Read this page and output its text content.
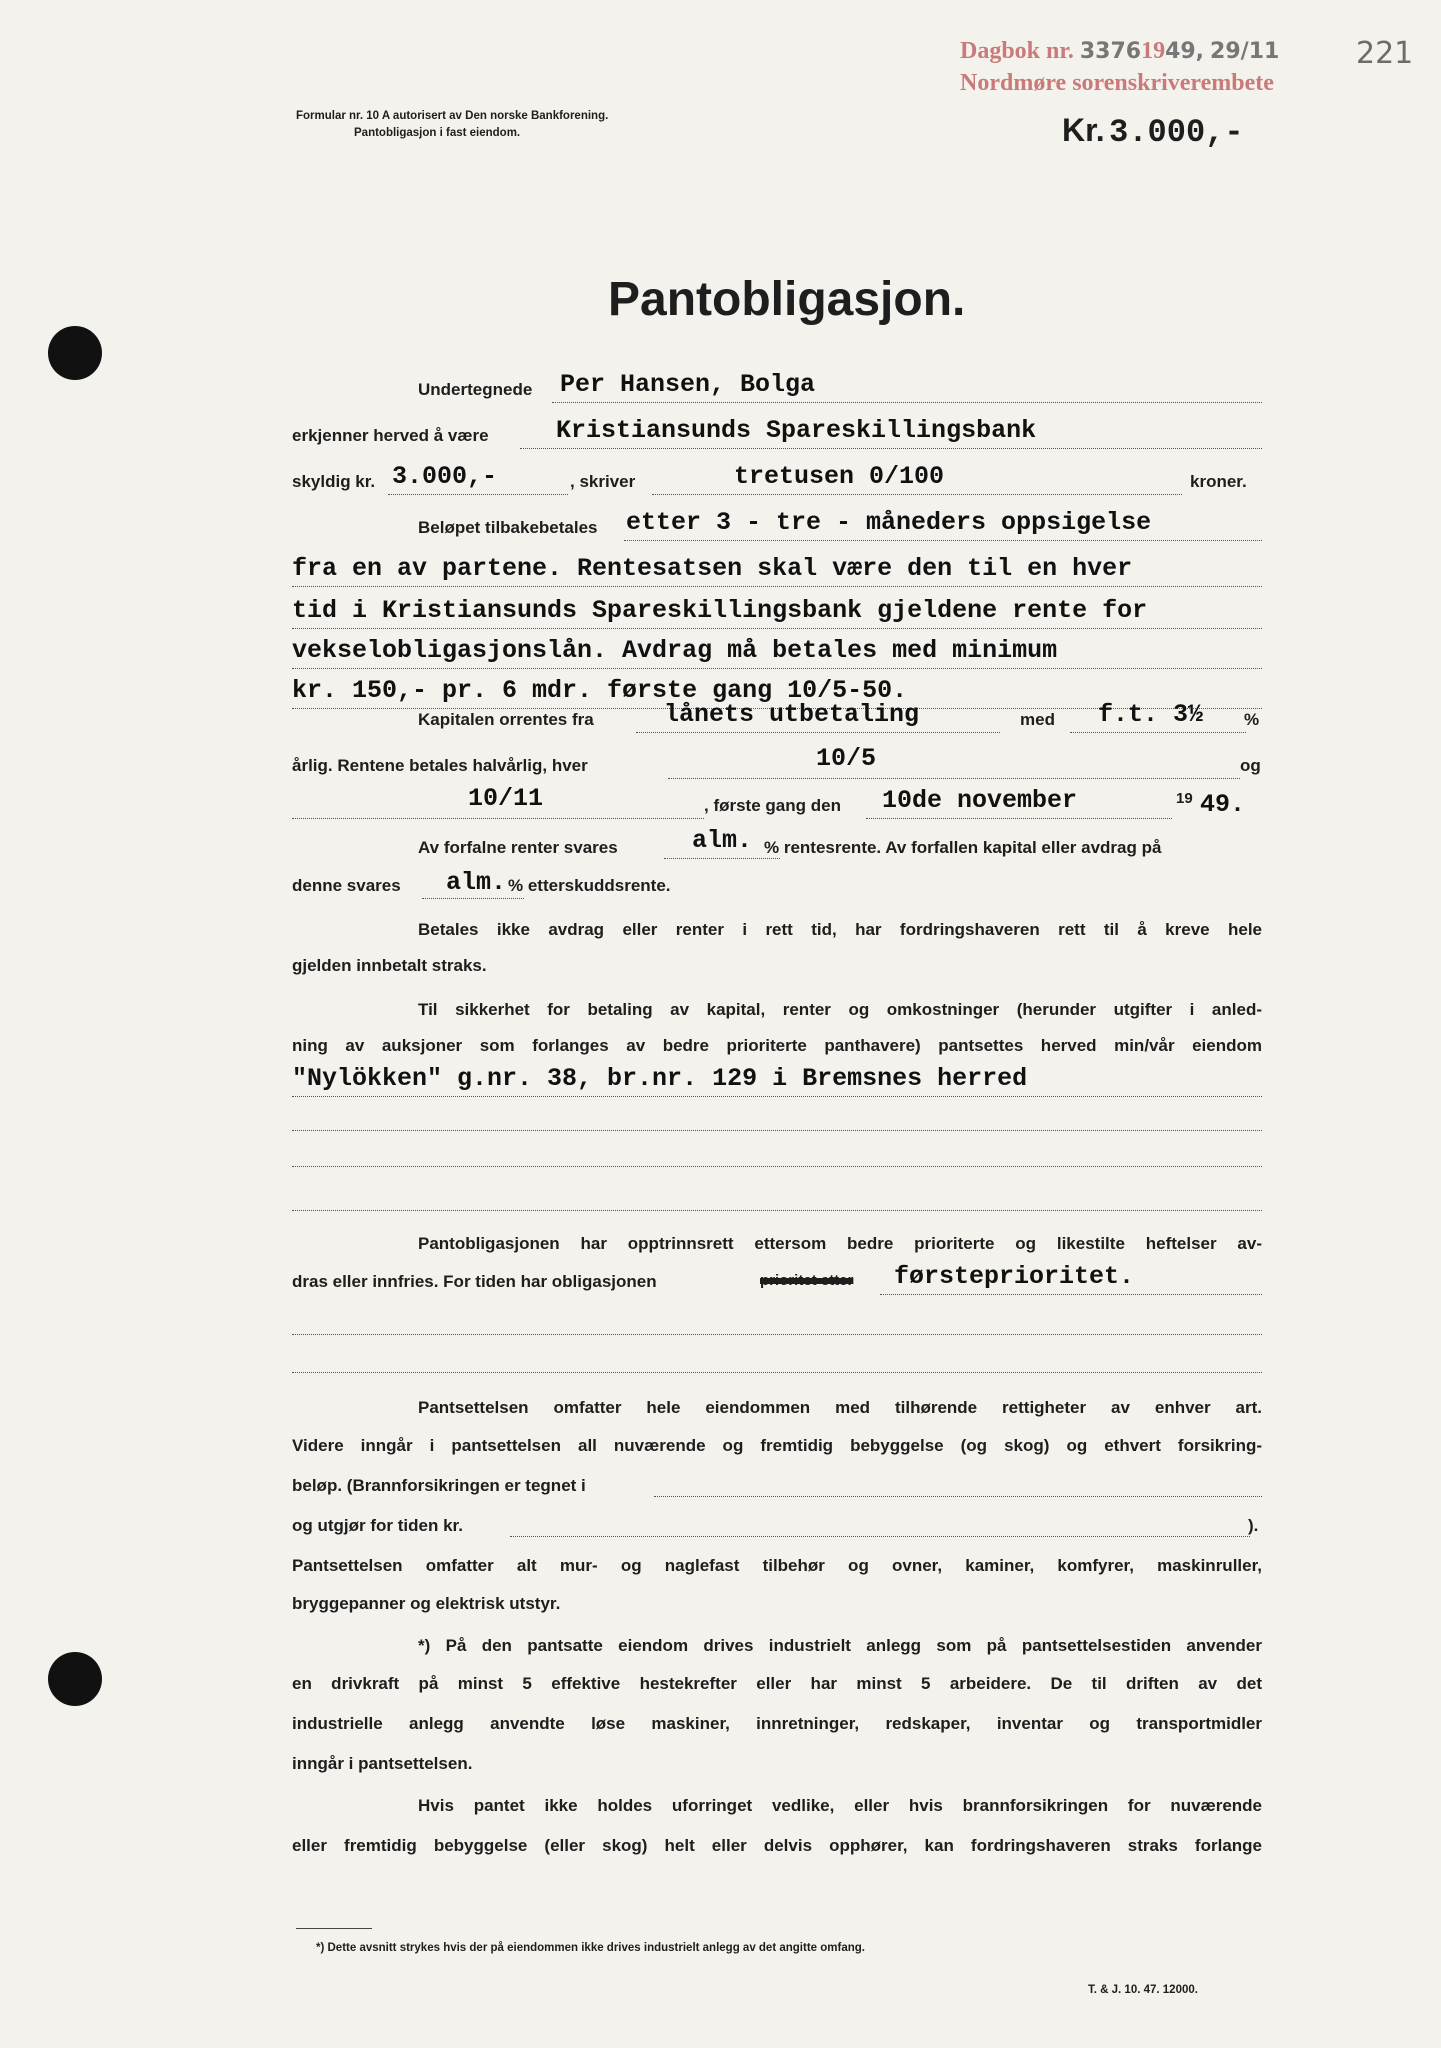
Dagbok nr. 33761949, 29/11
Nordmøre sorenskriverembete
221
Formular nr. 10 A autorisert av Den norske Bankforening.
Pantobligasjon i fast eiendom.	Kr. 3.000,-
Pantobligasjon.
Undertegnede Per Hansen, Bolga
erkjenner herved å være	Kristiansunds Spareskillingsbank
skyldig kr. 3.000,-	, skriver	tretusen 0/100	kroner.
Beløpet tilbakebetales etter 3 - tre - måneders oppsigelse
fra en av partene. Rentesatsen skal være den til en hver
tid i Kristiansunds Spareskillingsbank gjeldene rente for
vekselobligasjonslån. Avdrag må betales med minimum
kr. 150,- pr. 6 mdr. første gang 10/5-50.
Kapitalen orrentes fra	lånets utbetaling	med f.t. 3½ %
årlig. Rentene betales halvårlig, hver	10/5	og
10/11	, første gang den 10de november	19 49.
Av forfalne renter svares	alm. % rentesrente. Av forfallen kapital eller avdrag på
denne svares alm. % etterskuddsrente.
Betales ikke avdrag eller renter i rett tid, har fordringshaveren rett til å kreve hele
gjelden innbetalt straks.
Til sikkerhet for betaling av kapital, renter og omkostninger (herunder utgifter i anled-
ning av auksjoner som forlanges av bedre prioriterte panthavere) pantsettes herved min/vår eiendom
"Nylökken" g.nr. 38, br.nr. 129 i Bremsnes herred
Pantobligasjonen har opptrinnsrett ettersom bedre prioriterte og likestilte heftelser av-
dras eller innfries. For tiden har obligasjonen	prioritet etter førsteprioritet.
Pantsettelsen omfatter hele eiendommen med tilhørende rettigheter av enhver art.
Videre inngår i pantsettelsen all nuværende og fremtidig bebyggelse (og skog) og ethvert forsikring-
beløp. (Brannforsikringen er tegnet i
og utgjør for tiden kr.	).
Pantsettelsen omfatter alt mur- og naglefast tilbehør og ovner, kaminer, komfyrer, maskinruller,
bryggepanner og elektrisk utstyr.
*) På den pantsatte eiendom drives industrielt anlegg som på pantsettelsestiden anvender
en drivkraft på minst 5 effektive hestekrefter eller har minst 5 arbeidere. De til driften av det
industrielle anlegg anvendte løse maskiner, innretninger, redskaper, inventar og transportmidler
inngår i pantsettelsen.
Hvis pantet ikke holdes uforringet vedlike, eller hvis brannforsikringen for nuværende
eller fremtidig bebyggelse (eller skog) helt eller delvis opphører, kan fordringshaveren straks forlange
*) Dette avsnitt strykes hvis der på eiendommen ikke drives industrielt anlegg av det angitte omfang.
T. & J. 10. 47. 12000.
